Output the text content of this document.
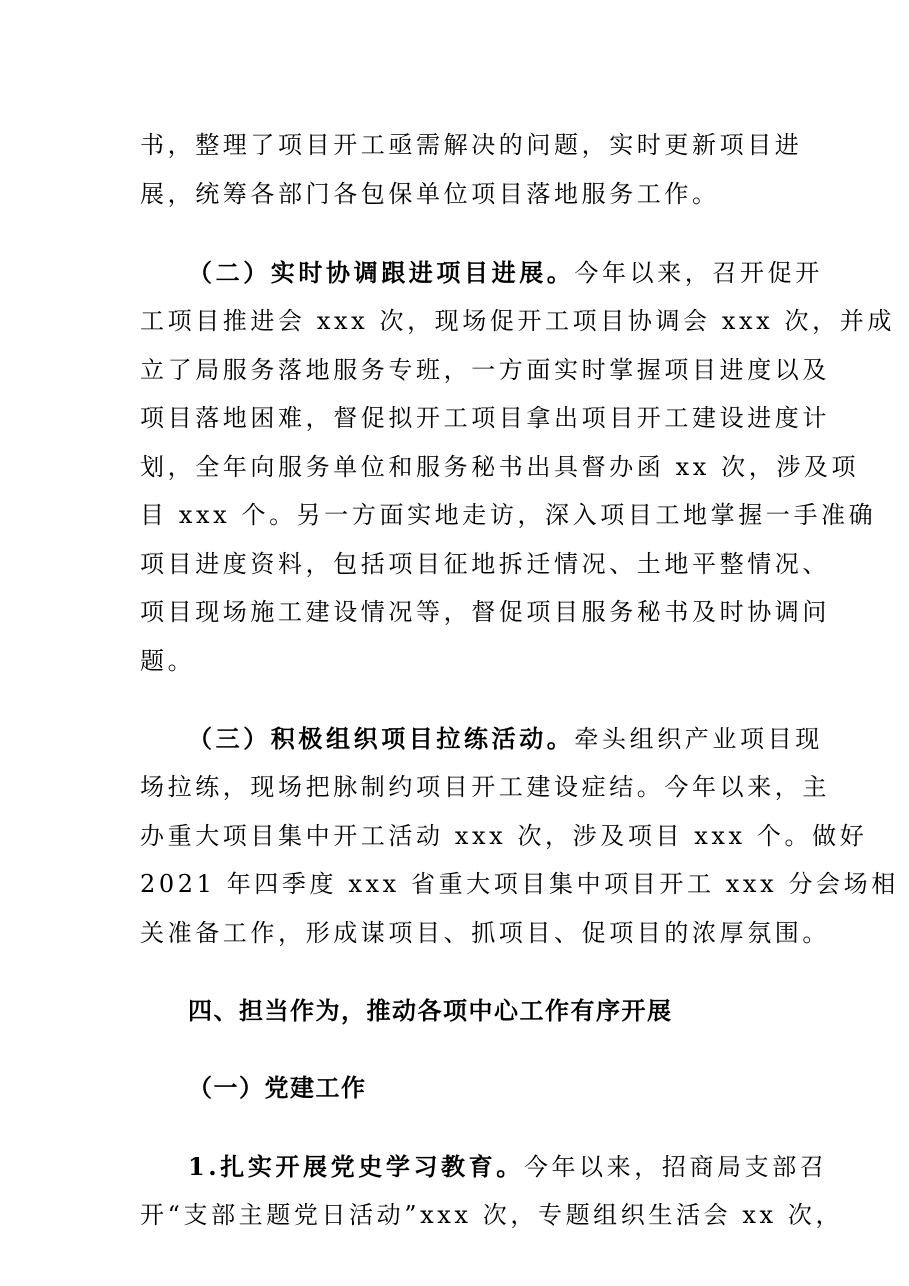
书，整理了项目开工亟需解决的问题，实时更新项目进
展，统筹各部门各包保单位项目落地服务工作。
（二）实时协调跟进项目进展。今年以来，召开促开
工项目推进会 xxx 次，现场促开工项目协调会 xxx 次，并成
立了局服务落地服务专班，一方面实时掌握项目进度以及
项目落地困难，督促拟开工项目拿出项目开工建设进度计
划，全年向服务单位和服务秘书出具督办函 xx 次，涉及项
目 xxx 个。另一方面实地走访，深入项目工地掌握一手准确
项目进度资料，包括项目征地拆迁情况、土地平整情况、
项目现场施工建设情况等，督促项目服务秘书及时协调问
题。
（三）积极组织项目拉练活动。牵头组织产业项目现
场拉练，现场把脉制约项目开工建设症结。今年以来，主
办重大项目集中开工活动 xxx 次，涉及项目 xxx 个。做好
2021 年四季度 xxx 省重大项目集中项目开工 xxx 分会场相
关准备工作，形成谋项目、抓项目、促项目的浓厚氛围。
四、担当作为，推动各项中心工作有序开展
（一）党建工作
1.扎实开展党史学习教育。今年以来，招商局支部召
开“支部主题党日活动”xxx 次，专题组织生活会 xx 次，
